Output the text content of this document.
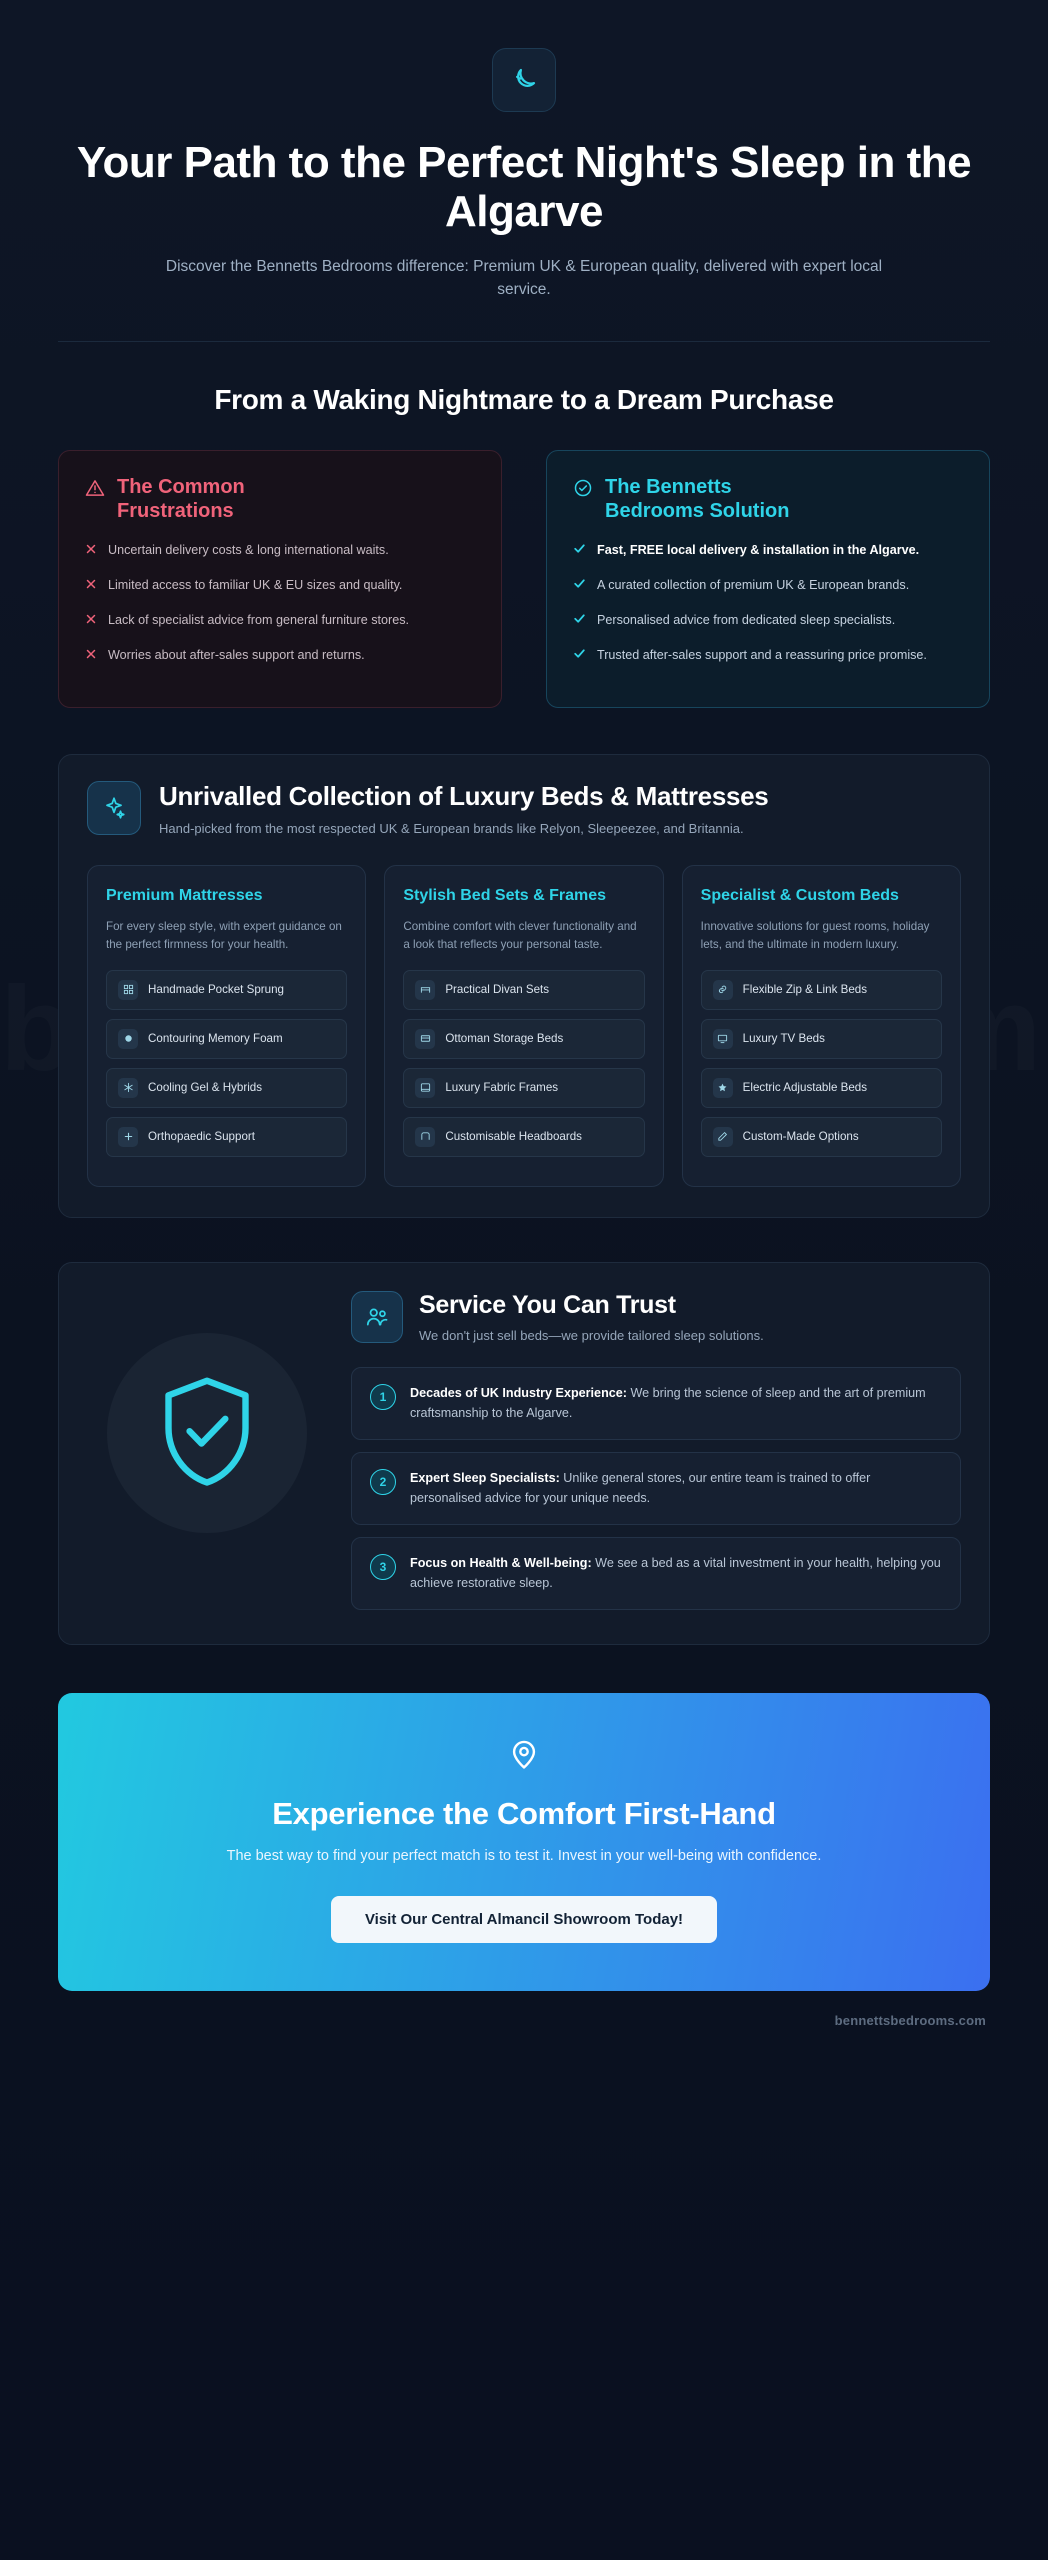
Your Path to the Perfect Night's Sleep in the Algarve

Discover the Bennetts Bedrooms difference: Premium UK & European quality, delivered with expert local service.

From a Waking Nightmare to a Dream Purchase
The Common Frustrations
Uncertain delivery costs & long international waits.
Limited access to familiar UK & EU sizes and quality.
Lack of specialist advice from general furniture stores.
Worries about after-sales support and returns.
The Bennetts Bedrooms Solution
Fast, FREE local delivery & installation in the Algarve.
A curated collection of premium UK & European brands.
Personalised advice from dedicated sleep specialists.
Trusted after-sales support and a reassuring price promise.
Unrivalled Collection of Luxury Beds & Mattresses

Hand-picked from the most respected UK & European brands like Relyon, Sleepeezee, and Britannia.

Premium Mattresses

For every sleep style, with expert guidance on the perfect firmness for your health.

Handmade Pocket Sprung
Contouring Memory Foam
Cooling Gel & Hybrids
Orthopaedic Support
Stylish Bed Sets & Frames

Combine comfort with clever functionality and a look that reflects your personal taste.

Practical Divan Sets
Ottoman Storage Beds
Luxury Fabric Frames
Customisable Headboards
Specialist & Custom Beds

Innovative solutions for guest rooms, holiday lets, and the ultimate in modern luxury.

Flexible Zip & Link Beds
Luxury TV Beds
Electric Adjustable Beds
Custom-Made Options
Service You Can Trust

We don't just sell beds—we provide tailored sleep solutions.

1	Decades of UK Industry Experience: We bring the science of sleep and the art of premium craftsmanship to the Algarve.
2	Expert Sleep Specialists: Unlike general stores, our entire team is trained to offer personalised advice for your unique needs.
3	Focus on Health & Well-being: We see a bed as a vital investment in your health, helping you achieve restorative sleep.
Experience the Comfort First-Hand

The best way to find your perfect match is to test it. Invest in your well-being with confidence.

Visit Our Central Almancil Showroom Today!
bennettsbedrooms.com
